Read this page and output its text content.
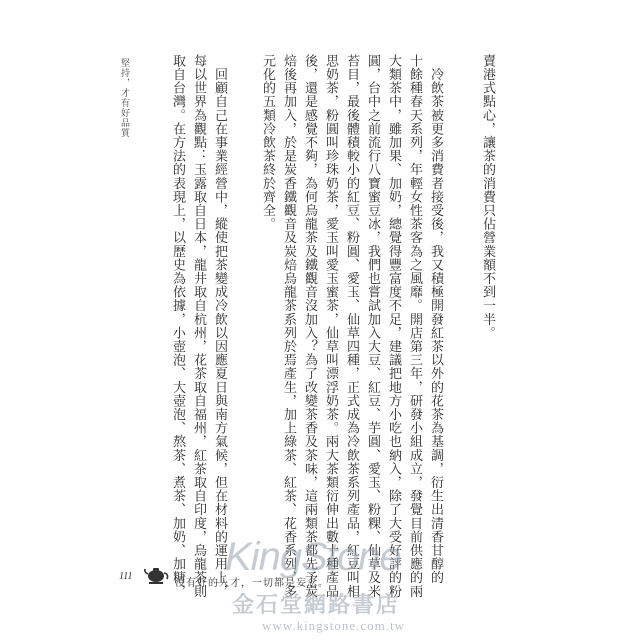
賣港式點心，讓茶的消費只佔營業額不到一半。
　冷飲茶被更多消費者接受後，我又積極開發紅茶以外的花茶為基調，衍生出清香甘醇的
十餘種春天系列，年輕女性茶客為之風靡。開店第三年，研發小組成立，發覺目前供應的兩
大類茶中，雖加果、加奶，總覺得豐富度不足，建議把地方小吃也納入，除了大受好評的粉
圓，台中之前流行八寶蜜豆冰，我們也嘗試加入大豆、紅豆、芋圓、愛玉、粉粿、仙草及米
苔目，最後體積較小的紅豆、粉圓、愛玉、仙草四種，正式成為冷飲茶系列產品，紅豆叫相
思奶茶，粉圓叫珍珠奶茶，愛玉叫愛玉蜜茶，仙草叫漂浮奶茶。兩大茶類衍伸出數十種產品
後，還是感覺不夠，為何烏龍茶及鐵觀音沒加入？為了改變茶香及茶味，這兩類茶都先予炭
焙後再加入，於是炭香鐵觀音及炭焙烏龍茶系列於焉產生，加上綠茶、紅茶、花香系列，多
元化的五類冷飲茶終於齊全。
　回顧自己在事業經營中，縱使把茶變成冷飲以因應夏日與南方氣候，但在材料的運用上，
每以世界為觀點：玉露取自日本，龍井取自杭州，花茶取自福州，紅茶取自印度，烏龍茶則
取自台灣。在方法的表現上，以歷史為依據，小壺泡、大壺泡、熬茶、煮茶、加奶、加糖，
堅持，才有好品質
111
沒有好的人才，一切都是妄念。
KingStone
金石堂網路書店
www.kingstone.com.tw
